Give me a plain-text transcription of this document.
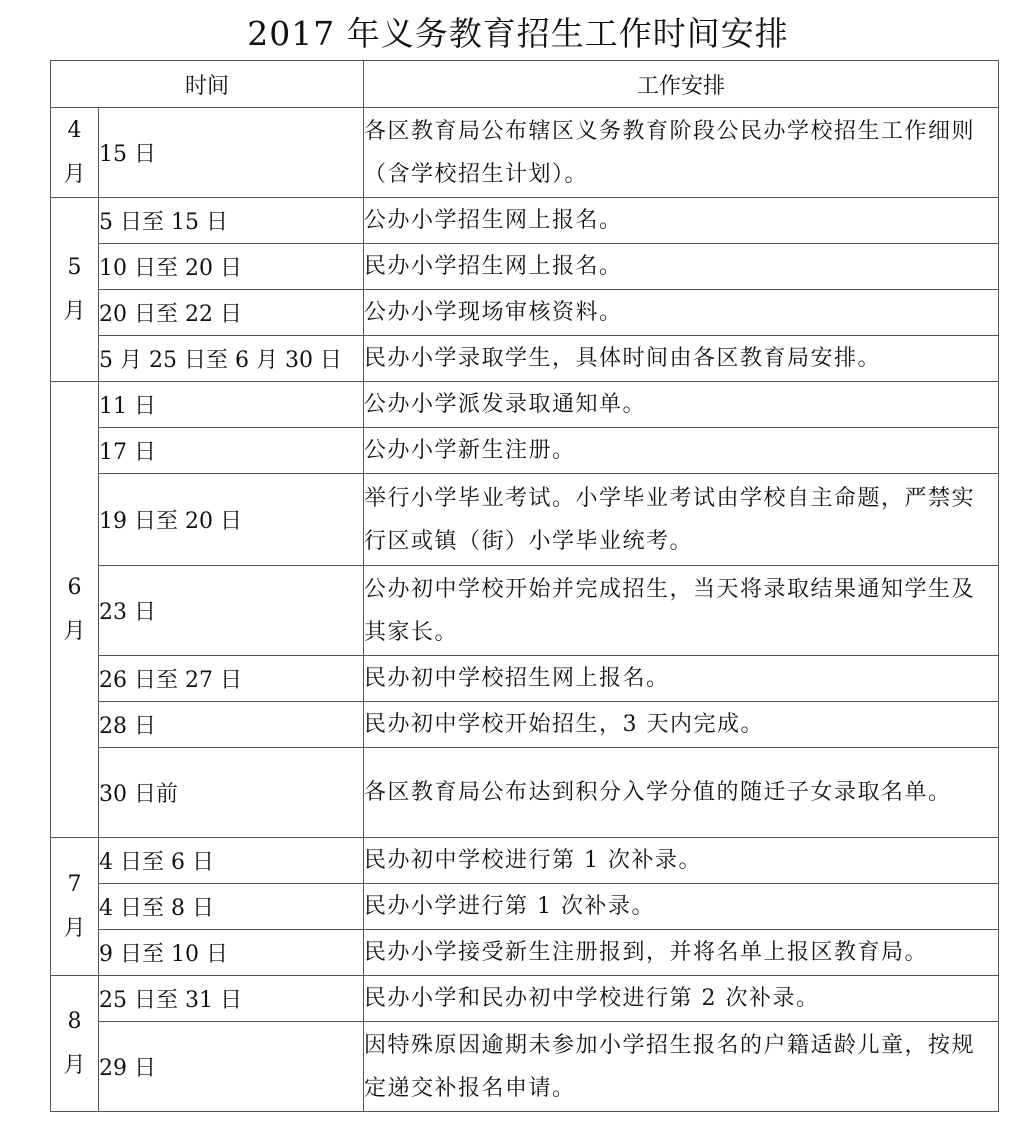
2017 年义务教育招生工作时间安排
时间		工作安排

4
月	15 日	各区教育局公布辖区义务教育阶段公民办学校招生工作细则（含学校招生计划）。

5
月	5 日至 15 日	公办小学招生网上报名。
	10 日至 20 日	民办小学招生网上报名。
	20 日至 22 日	公办小学现场审核资料。
	5 月 25 日至 6 月 30 日	民办小学录取学生，具体时间由各区教育局安排。

6
月	11 日	公办小学派发录取通知单。
	17 日	公办小学新生注册。
	19 日至 20 日	举行小学毕业考试。小学毕业考试由学校自主命题，严禁实行区或镇（街）小学毕业统考。
	23 日	公办初中学校开始并完成招生，当天将录取结果通知学生及其家长。
	26 日至 27 日	民办初中学校招生网上报名。
	28 日	民办初中学校开始招生，3 天内完成。
	30 日前	各区教育局公布达到积分入学分值的随迁子女录取名单。

7
月	4 日至 6 日	民办初中学校进行第 1 次补录。
	4 日至 8 日	民办小学进行第 1 次补录。
	9 日至 10 日	民办小学接受新生注册报到，并将名单上报区教育局。

8
月	25 日至 31 日	民办小学和民办初中学校进行第 2 次补录。
	29 日	因特殊原因逾期未参加小学招生报名的户籍适龄儿童，按规定递交补报名申请。
